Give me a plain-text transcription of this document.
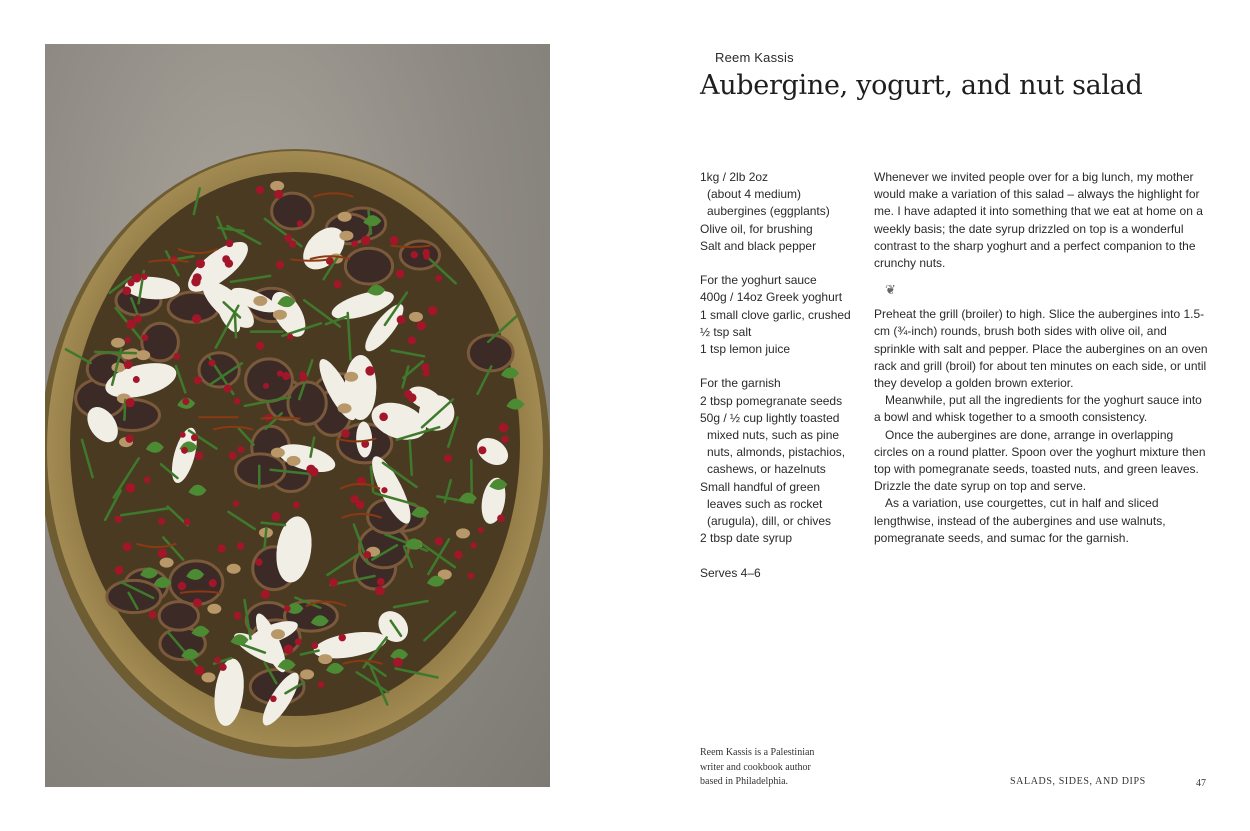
Reem Kassis
Aubergine, yogurt, and nut salad
1kg / 2lb 2oz
(about 4 medium)
aubergines (eggplants)
Olive oil, for brushing
Salt and black pepper
For the yoghurt sauce
400g / 14oz Greek yoghurt
1 small clove garlic, crushed
½ tsp salt
1 tsp lemon juice
For the garnish
2 tbsp pomegranate seeds
50g / ½ cup lightly toasted
mixed nuts, such as pine
nuts, almonds, pistachios,
cashews, or hazelnuts
Small handful of green
leaves such as rocket
(arugula), dill, or chives
2 tbsp date syrup
Serves 4–6

Whenever we invited people over for a big lunch, my mother would make a variation of this salad – always the highlight for me. I have adapted it into something that we eat at home on a weekly basis; the date syrup drizzled on top is a wonderful contrast to the sharp yoghurt and a perfect companion to the crunchy nuts.

❦

Preheat the grill (broiler) to high. Slice the aubergines into 1.5-cm (¾-inch) rounds, brush both sides with olive oil, and sprinkle with salt and pepper. Place the aubergines on an oven rack and grill (broil) for about ten minutes on each side, or until they develop a golden brown exterior.

Meanwhile, put all the ingredients for the yoghurt sauce into a bowl and whisk together to a smooth consistency.

Once the aubergines are done, arrange in overlapping circles on a round platter. Spoon over the yoghurt mixture then top with pomegranate seeds, toasted nuts, and green leaves. Drizzle the date syrup on top and serve.

As a variation, use courgettes, cut in half and sliced lengthwise, instead of the aubergines and use walnuts, pomegranate seeds, and sumac for the garnish.

Reem Kassis is a Palestinian writer and cookbook author based in Philadelphia.	SALADS, SIDES, AND DIPS	47
